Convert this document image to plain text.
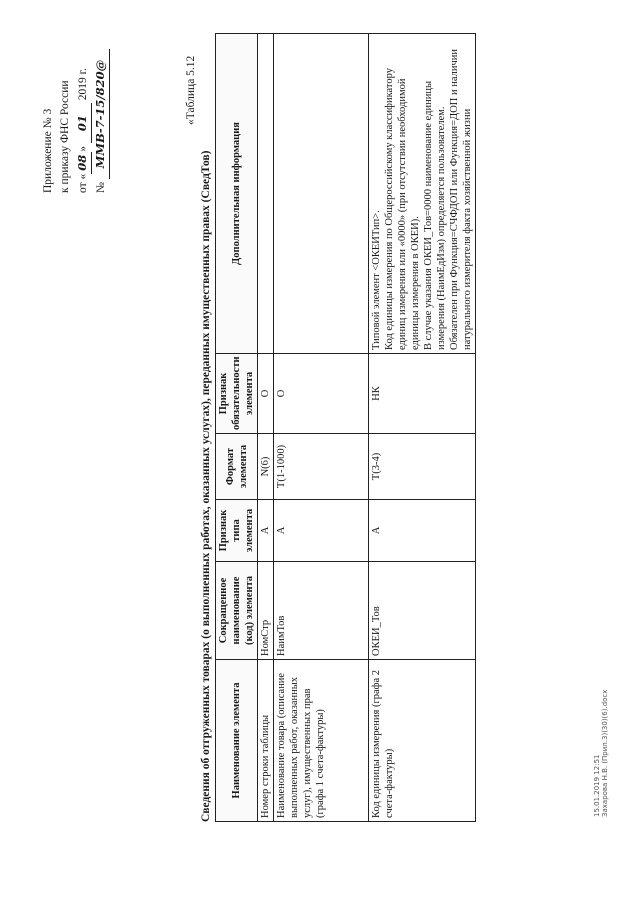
Приложение № 3 к приказу ФНС России от «08» 01 2019 г.
№ ММВ-7-15/820@	«Таблица 5.12
Сведения об отгруженных товарах (о выполненных работах, оказанных услугах), переданных имущественных правах (СведТов) Наименование элемента	Сокращенное наименование (код) элемента	Признак типа элемента	Формат элемента	Признак обязательности элемента	Дополнительная информация
Номер строки таблицы	НомСтр	А	N(6)	О	
Наименование товара (описание выполненных работ, оказанных услуг), имущественных прав (графа 1 счета-фактуры)	НаимТов	А	Т(1-1000)	О	
Код единицы измерения (графа 2 счета-фактуры)	ОКЕИ_Тов	А	Т(3-4)	НК	Типовой элемент <ОКЕИТип>.
Код единицы измерения по Общероссийскому классификатору единиц измерения или «0000» (при отсутствии необходимой единицы измерения в ОКЕИ).
В случае указания ОКЕИ_Тов=0000 наименование единицы измерения (НаимЕдИзм) определяется пользователем.
Обязателен при Функция=СЧФДОП или Функция=ДОП и наличии натурального измерителя факта хозяйственной жизни
15.01.2019 12:51
Захарова Н.В. (Прил.3)(30)(6).docx
